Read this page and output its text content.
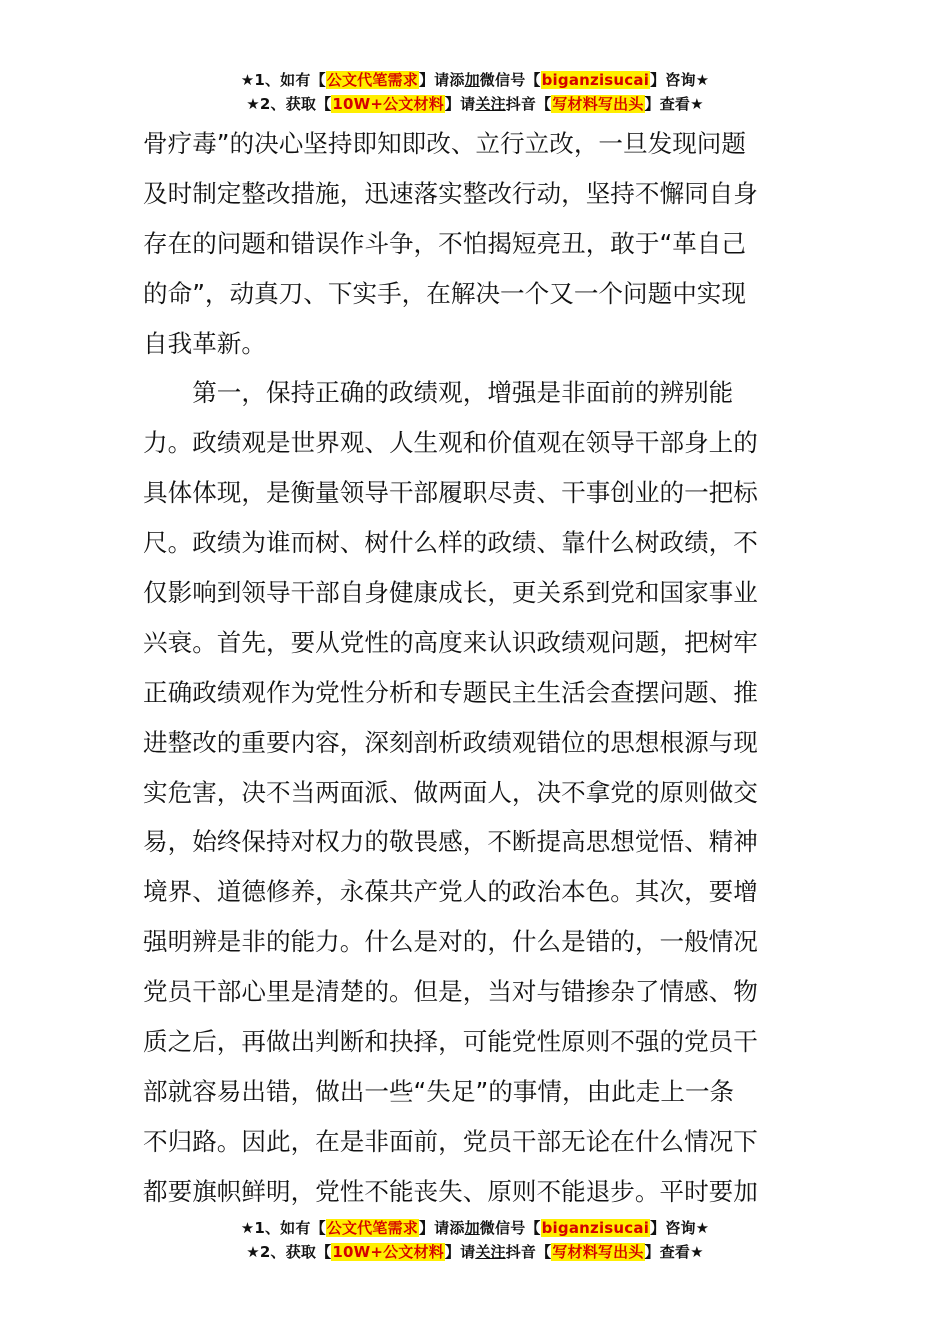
★1、如有【公文代笔需求】请添加微信号【biganzisucai】咨询★
★2、获取【10W+公文材料】请关注抖音【写材料写出头】查看★
骨疗毒”的决心坚持即知即改、立行立改，一旦发现问题
及时制定整改措施，迅速落实整改行动，坚持不懈同自身
存在的问题和错误作斗争，不怕揭短亮丑，敢于“革自己
的命”，动真刀、下实手，在解决一个又一个问题中实现
自我革新。
　　第一，保持正确的政绩观，增强是非面前的辨别能
力。政绩观是世界观、人生观和价值观在领导干部身上的
具体体现，是衡量领导干部履职尽责、干事创业的一把标
尺。政绩为谁而树、树什么样的政绩、靠什么树政绩，不
仅影响到领导干部自身健康成长，更关系到党和国家事业
兴衰。首先，要从党性的高度来认识政绩观问题，把树牢
正确政绩观作为党性分析和专题民主生活会查摆问题、推
进整改的重要内容，深刻剖析政绩观错位的思想根源与现
实危害，决不当两面派、做两面人，决不拿党的原则做交
易，始终保持对权力的敬畏感，不断提高思想觉悟、精神
境界、道德修养，永葆共产党人的政治本色。其次，要增
强明辨是非的能力。什么是对的，什么是错的，一般情况
党员干部心里是清楚的。但是，当对与错掺杂了情感、物
质之后，再做出判断和抉择，可能党性原则不强的党员干
部就容易出错，做出一些“失足”的事情，由此走上一条
不归路。因此，在是非面前，党员干部无论在什么情况下
都要旗帜鲜明，党性不能丧失、原则不能退步。平时要加
★1、如有【公文代笔需求】请添加微信号【biganzisucai】咨询★
★2、获取【10W+公文材料】请关注抖音【写材料写出头】查看★
